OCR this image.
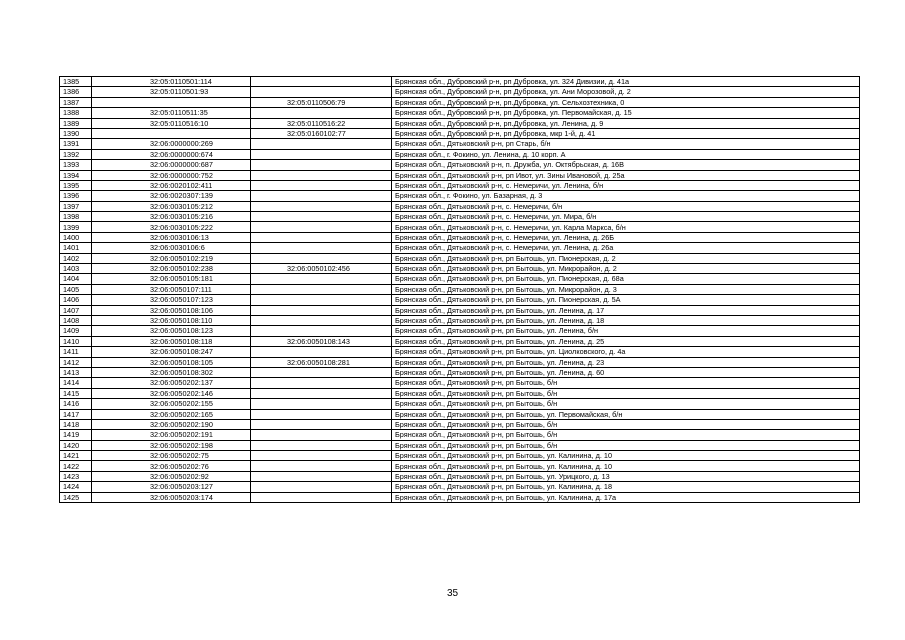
1385	32:05:0110501:114		Брянская обл., Дубровский р-н, рп Дубровка, ул. 324 Дивизии, д. 41а
1386	32:05:0110501:93		Брянская обл., Дубровский р-н, рп Дубровка, ул. Ани Морозовой, д. 2
1387		32:05:0110506:79	Брянская обл., Дубровский р-н, рп.Дубровка, ул. Сельхозтехника, 0
1388	32:05:0110511:35		Брянская обл., Дубровский р-н, рп Дубровка, ул. Первомайская, д. 15
1389	32:05:0110516:10	32:05:0110516:22	Брянская обл., Дубровский р-н, рп.Дубровка, ул. Ленина, д. 9
1390		32:05:0160102:77	Брянская обл., Дубровский р-н, рп Дубровка, мкр 1-й, д. 41
1391	32:06:0000000:269		Брянская обл., Дятьковский р-н, рп Старь, б/н
1392	32:06:0000000:674		Брянская обл., г. Фокино, ул. Ленина, д. 10 корп. А
1393	32:06:0000000:687		Брянская обл., Дятьковский р-н, п. Дружба, ул. Октябрьская, д. 16В
1394	32:06:0000000:752		Брянская обл., Дятьковский р-н, рп Ивот, ул. Зины Ивановой, д. 25а
1395	32:06:0020102:411		Брянская обл., Дятьковский р-н, с. Немеричи, ул. Ленина, б/н
1396	32:06:0020307:139		Брянская обл., г. Фокино, ул. Базарная, д. 3
1397	32:06:0030105:212		Брянская обл., Дятьковский р-н, с. Немеричи, б/н
1398	32:06:0030105:216		Брянская обл., Дятьковский р-н, с. Немеричи, ул. Мира, б/н
1399	32:06:0030105:222		Брянская обл., Дятьковский р-н, с. Немеричи, ул. Карла Маркса, б/н
1400	32:06:0030106:13		Брянская обл., Дятьковский р-н, с. Немеричи, ул. Ленина, д. 26Б
1401	32:06:0030106:6		Брянская обл., Дятьковский р-н, с. Немеричи, ул. Ленина, д. 26а
1402	32:06:0050102:219		Брянская обл., Дятьковский р-н, рп Бытошь, ул. Пионерская, д. 2
1403	32:06:0050102:238	32:06:0050102:456	Брянская обл., Дятьковский р-н, рп Бытошь, ул. Микрорайон, д. 2
1404	32:06:0050105:181		Брянская обл., Дятьковский р-н, рп Бытошь, ул. Пионерская, д. 68а
1405	32:06:0050107:111		Брянская обл., Дятьковский р-н, рп Бытошь, ул. Микрорайон, д. 3
1406	32:06:0050107:123		Брянская обл., Дятьковский р-н, рп Бытошь, ул. Пионерская, д. 5А
1407	32:06:0050108:106		Брянская обл., Дятьковский р-н, рп Бытошь, ул. Ленина, д. 17
1408	32:06:0050108:110		Брянская обл., Дятьковский р-н, рп Бытошь, ул. Ленина, д. 18
1409	32:06:0050108:123		Брянская обл., Дятьковский р-н, рп Бытошь, ул. Ленина, б/н
1410	32:06:0050108:118	32:06:0050108:143	Брянская обл., Дятьковский р-н, рп Бытошь, ул. Ленина, д. 25
1411	32:06:0050108:247		Брянская обл., Дятьковский р-н, рп Бытошь, ул. Циолковского, д. 4а
1412	32:06:0050108:105	32:06:0050108:281	Брянская обл., Дятьковский р-н, рп Бытошь, ул. Ленина, д. 23
1413	32:06:0050108:302		Брянская обл., Дятьковский р-н, рп Бытошь, ул. Ленина, д. 60
1414	32:06:0050202:137		Брянская обл., Дятьковский р-н, рп Бытошь, б/н
1415	32:06:0050202:146		Брянская обл., Дятьковский р-н, рп Бытошь, б/н
1416	32:06:0050202:155		Брянская обл., Дятьковский р-н, рп Бытошь, б/н
1417	32:06:0050202:165		Брянская обл., Дятьковский р-н, рп Бытошь, ул. Первомайская, б/н
1418	32:06:0050202:190		Брянская обл., Дятьковский р-н, рп Бытошь, б/н
1419	32:06:0050202:191		Брянская обл., Дятьковский р-н, рп Бытошь, б/н
1420	32:06:0050202:198		Брянская обл., Дятьковский р-н, рп Бытошь, б/н
1421	32:06:0050202:75		Брянская обл., Дятьковский р-н, рп Бытошь, ул. Калинина, д. 10
1422	32:06:0050202:76		Брянская обл., Дятьковский р-н, рп Бытошь, ул. Калинина, д. 10
1423	32:06:0050202:92		Брянская обл., Дятьковский р-н, рп Бытошь, ул. Урицкого, д. 13
1424	32:06:0050203:127		Брянская обл., Дятьковский р-н, рп Бытошь, ул. Калинина, д. 18
1425	32:06:0050203:174		Брянская обл., Дятьковский р-н, рп Бытошь, ул. Калинина, д. 17а
35
